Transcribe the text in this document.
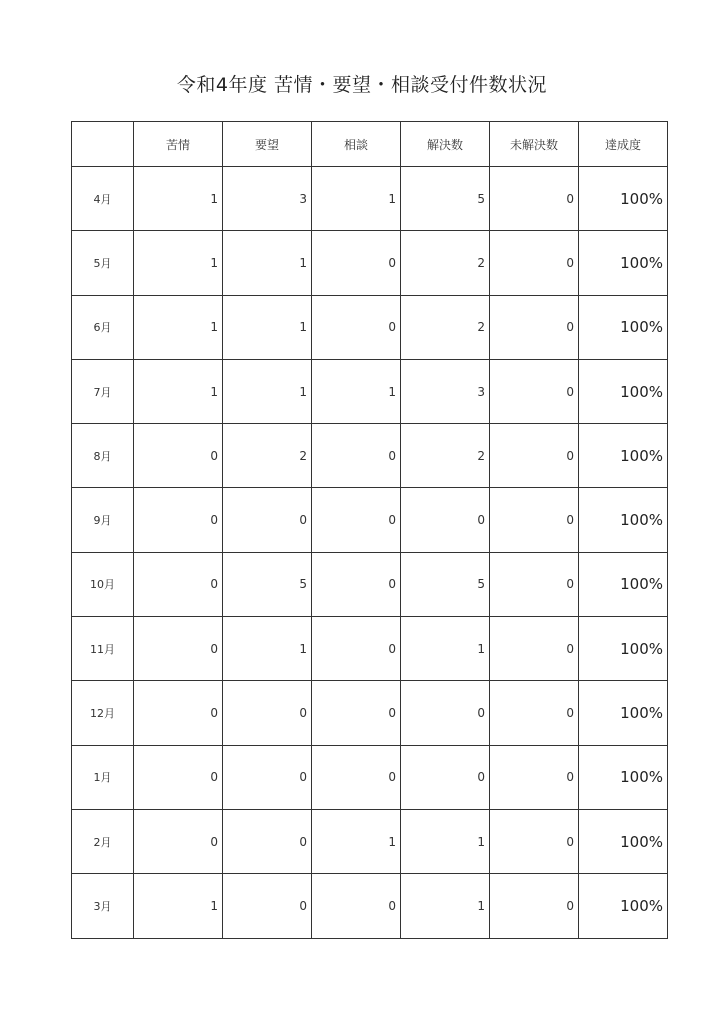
令和4年度 苦情・要望・相談受付件数状況
	苦情	要望	相談	解決数	未解決数	達成度
4月	1	3	1	5	0	100%
5月	1	1	0	2	0	100%
6月	1	1	0	2	0	100%
7月	1	1	1	3	0	100%
8月	0	2	0	2	0	100%
9月	0	0	0	0	0	100%
10月	0	5	0	5	0	100%
11月	0	1	0	1	0	100%
12月	0	0	0	0	0	100%
1月	0	0	0	0	0	100%
2月	0	0	1	1	0	100%
3月	1	0	0	1	0	100%
